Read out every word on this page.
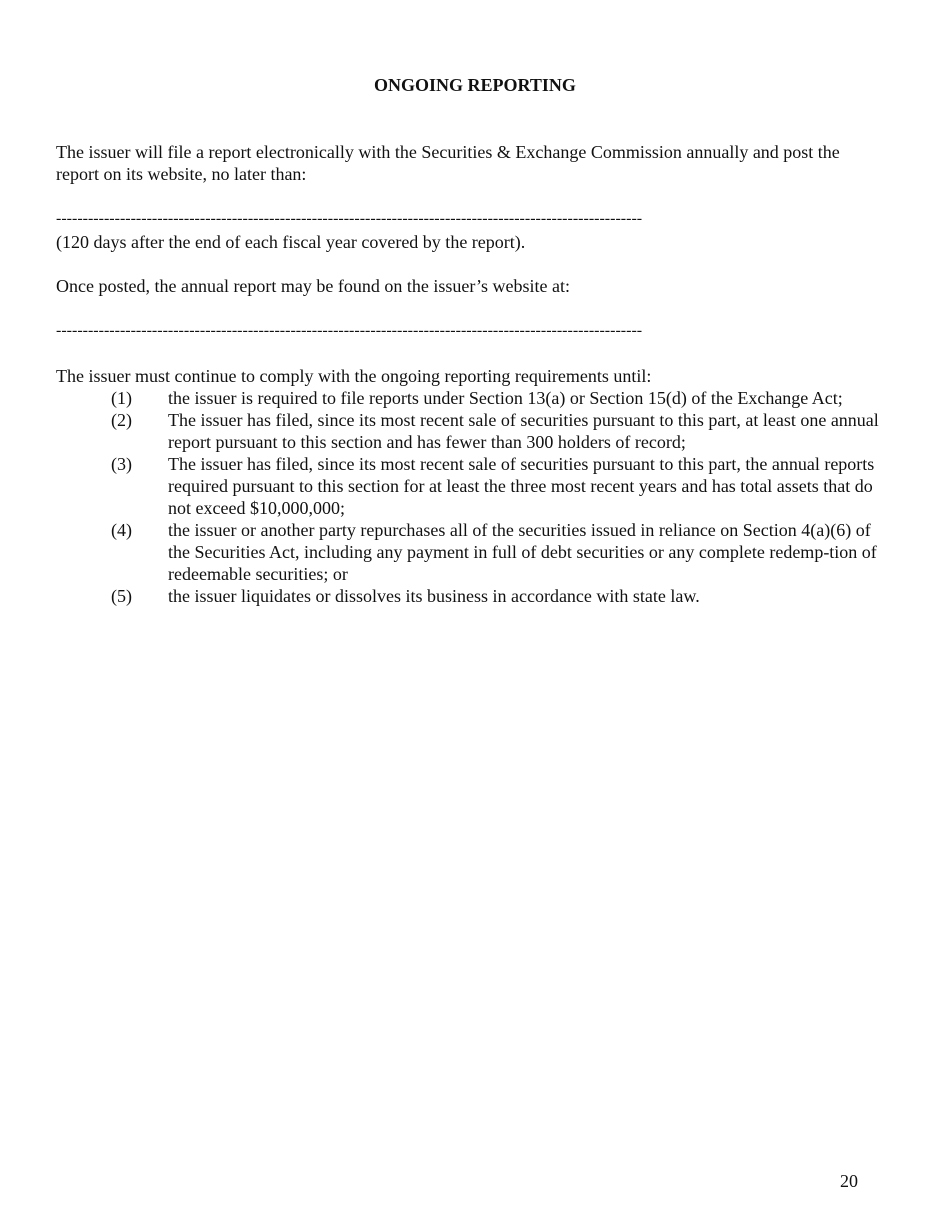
ONGOING REPORTING

The issuer will file a report electronically with the Securities & Exchange Commission annually and post the report on its website, no later than:

--------------------------------------------------------------------------------------------------------------

(120 days after the end of each fiscal year covered by the report).

Once posted, the annual report may be found on the issuer’s website at:

--------------------------------------------------------------------------------------------------------------

The issuer must continue to comply with the ongoing reporting requirements until:

(1) the issuer is required to file reports under Section 13(a) or Section 15(d) of the Exchange Act;
(2) The issuer has filed, since its most recent sale of securities pursuant to this part, at least one annual report pursuant to this section and has fewer than 300 holders of record;
(3) The issuer has filed, since its most recent sale of securities pursuant to this part, the annual reports required pursuant to this section for at least the three most recent years and has total assets that do not exceed $10,000,000;
(4) the issuer or another party repurchases all of the securities issued in reliance on Section 4(a)(6) of the Securities Act, including any payment in full of debt securities or any complete redemp-tion of redeemable securities; or
(5) the issuer liquidates or dissolves its business in accordance with state law.
20
